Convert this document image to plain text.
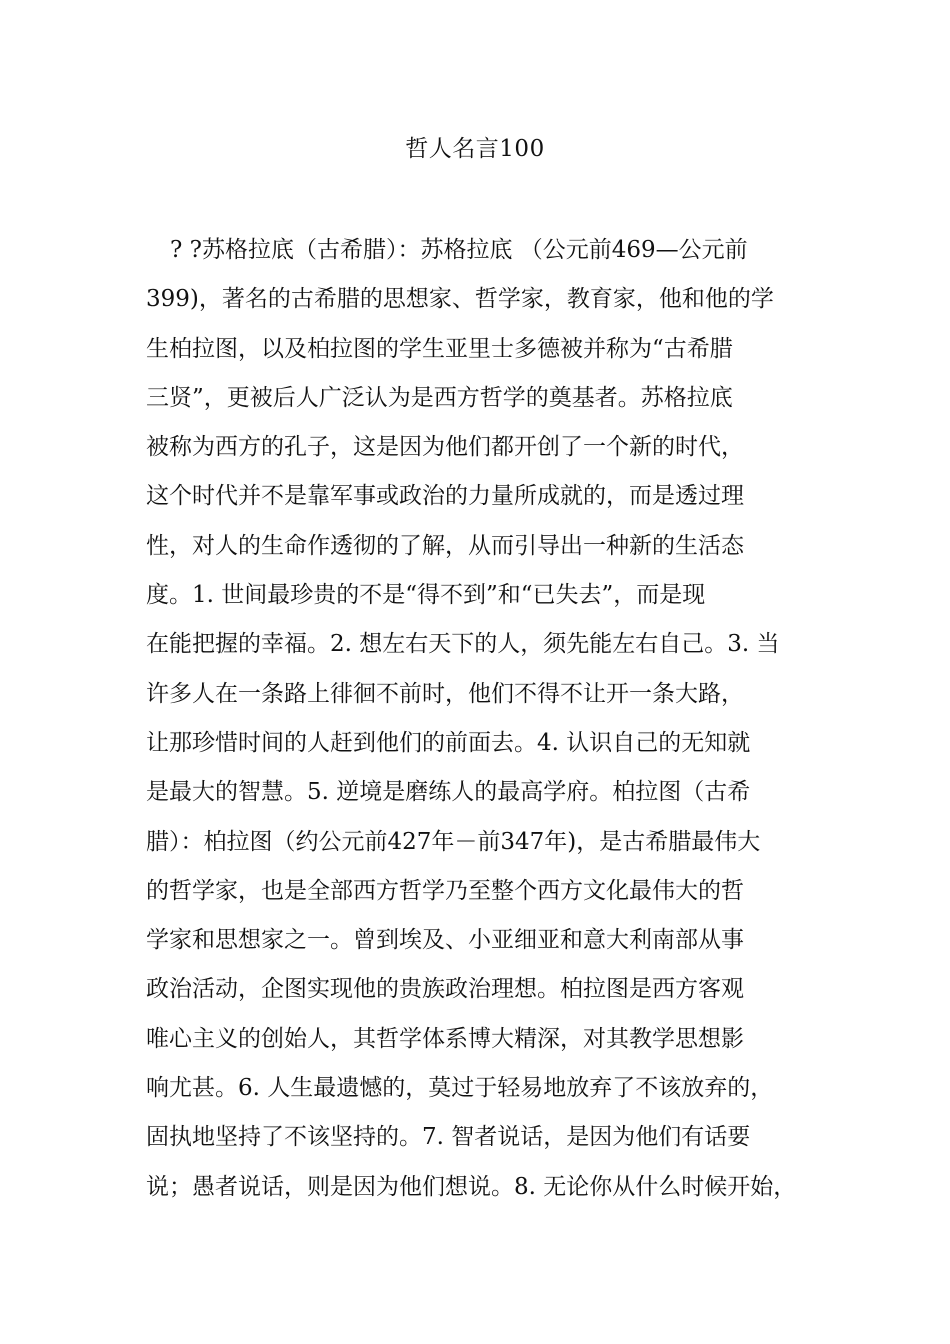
哲人名言100
? ?苏格拉底（古希腊）：苏格拉底 （公元前469—公元前
399)，著名的古希腊的思想家、哲学家，教育家，他和他的学
生柏拉图，以及柏拉图的学生亚里士多德被并称为“古希腊
三贤”，更被后人广泛认为是西方哲学的奠基者。苏格拉底
被称为西方的孔子，这是因为他们都开创了一个新的时代，
这个时代并不是靠军事或政治的力量所成就的，而是透过理
性，对人的生命作透彻的了解，从而引导出一种新的生活态
度。1. 世间最珍贵的不是“得不到”和“已失去”，而是现
在能把握的幸福。2. 想左右天下的人，须先能左右自己。3. 当
许多人在一条路上徘徊不前时，他们不得不让开一条大路，
让那珍惜时间的人赶到他们的前面去。4. 认识自己的无知就
是最大的智慧。5. 逆境是磨练人的最高学府。柏拉图（古希
腊）：柏拉图（约公元前427年－前347年)，是古希腊最伟大
的哲学家，也是全部西方哲学乃至整个西方文化最伟大的哲
学家和思想家之一。曾到埃及、小亚细亚和意大利南部从事
政治活动，企图实现他的贵族政治理想。柏拉图是西方客观
唯心主义的创始人，其哲学体系博大精深，对其教学思想影
响尤甚。6. 人生最遗憾的，莫过于轻易地放弃了不该放弃的，
固执地坚持了不该坚持的。7. 智者说话，是因为他们有话要
说；愚者说话，则是因为他们想说。8. 无论你从什么时候开始，
